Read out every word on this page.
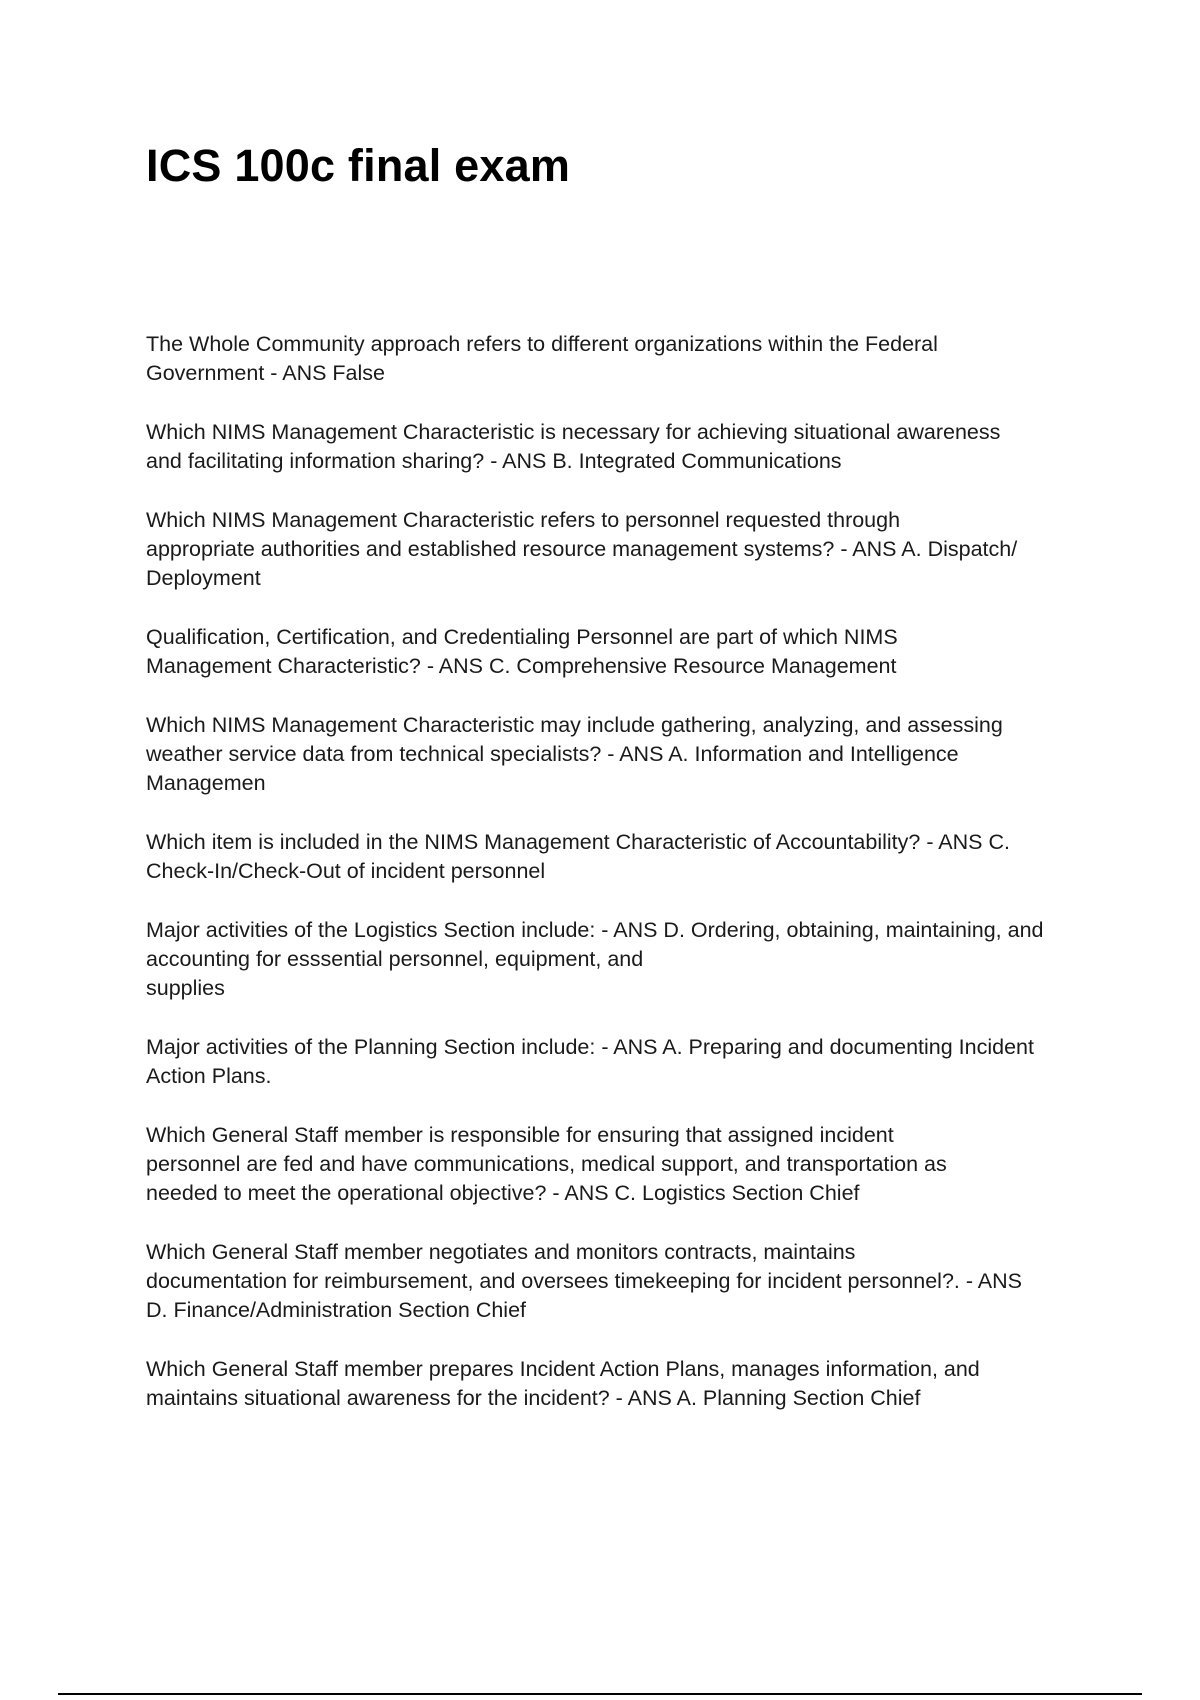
ICS 100c final exam
The Whole Community approach refers to different organizations within the Federal
Government - ANS False
Which NIMS Management Characteristic is necessary for achieving situational awareness
and facilitating information sharing? - ANS B. Integrated Communications
Which NIMS Management Characteristic refers to personnel requested through
appropriate authorities and established resource management systems? - ANS A. Dispatch/
Deployment
Qualification, Certification, and Credentialing Personnel are part of which NIMS
Management Characteristic? - ANS C. Comprehensive Resource Management
Which NIMS Management Characteristic may include gathering, analyzing, and assessing
weather service data from technical specialists? - ANS A. Information and Intelligence
Managemen
Which item is included in the NIMS Management Characteristic of Accountability? - ANS C.
Check-In/Check-Out of incident personnel
Major activities of the Logistics Section include: - ANS D. Ordering, obtaining, maintaining, and
accounting for esssential personnel, equipment, and
supplies
Major activities of the Planning Section include: - ANS A. Preparing and documenting Incident
Action Plans.
Which General Staff member is responsible for ensuring that assigned incident
personnel are fed and have communications, medical support, and transportation as
needed to meet the operational objective? - ANS C. Logistics Section Chief
Which General Staff member negotiates and monitors contracts, maintains
documentation for reimbursement, and oversees timekeeping for incident personnel?. - ANS
D. Finance/Administration Section Chief
Which General Staff member prepares Incident Action Plans, manages information, and
maintains situational awareness for the incident? - ANS A. Planning Section Chief
